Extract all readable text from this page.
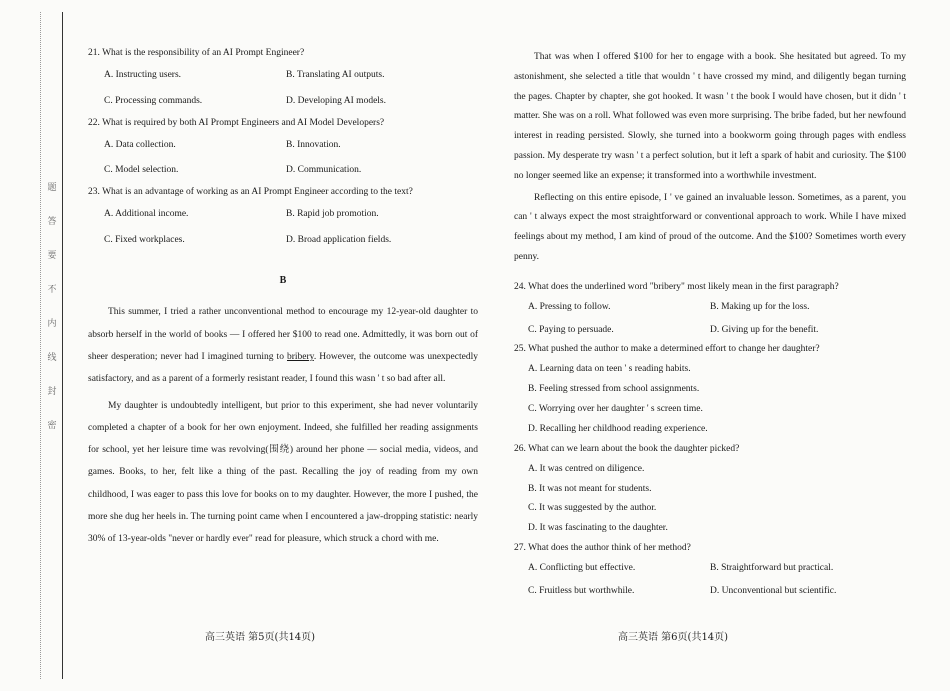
题
答
要
不
内
线
封
密

21. What is the responsibility of an AI Prompt Engineer?

A. Instructing users.	B. Translating AI outputs.
C. Processing commands.	D. Developing AI models.

22. What is required by both AI Prompt Engineers and AI Model Developers?

A. Data collection.	B. Innovation.
C. Model selection.	D. Communication.

23. What is an advantage of working as an AI Prompt Engineer according to the text?

A. Additional income.	B. Rapid job promotion.
C. Fixed workplaces.	D. Broad application fields.
B

This summer, I tried a rather unconventional method to encourage my 12-year-old daughter to absorb herself in the world of books — I offered her $100 to read one. Admittedly, it was born out of sheer desperation; never had I imagined turning to bribery. However, the outcome was unexpectedly satisfactory, and as a parent of a formerly resistant reader, I found this wasn ' t so bad after all.

My daughter is undoubtedly intelligent, but prior to this experiment, she had never voluntarily completed a chapter of a book for her own enjoyment. Indeed, she fulfilled her reading assignments for school, yet her leisure time was revolving(围绕) around her phone — social media, videos, and games. Books, to her, felt like a thing of the past. Recalling the joy of reading from my own childhood, I was eager to pass this love for books on to my daughter. However, the more I pushed, the more she dug her heels in. The turning point came when I encountered a jaw-dropping statistic: nearly 30% of 13-year-olds "never or hardly ever" read for pleasure, which struck a chord with me.

That was when I offered $100 for her to engage with a book. She hesitated but agreed. To my astonishment, she selected a title that wouldn ' t have crossed my mind, and diligently began turning the pages. Chapter by chapter, she got hooked. It wasn ' t the book I would have chosen, but it didn ' t matter. She was on a roll. What followed was even more surprising. The bribe faded, but her newfound interest in reading persisted. Slowly, she turned into a bookworm going through pages with endless passion. My desperate try wasn ' t a perfect solution, but it left a spark of habit and curiosity. The $100 no longer seemed like an expense; it transformed into a worthwhile investment.

Reflecting on this entire episode, I ' ve gained an invaluable lesson. Sometimes, as a parent, you can ' t always expect the most straightforward or conventional approach to work. While I have mixed feelings about my method, I am kind of proud of the outcome. And the $100? Sometimes worth every penny.

24. What does the underlined word "bribery" most likely mean in the first paragraph?

A. Pressing to follow.	B. Making up for the loss.
C. Paying to persuade.	D. Giving up for the benefit.

25. What pushed the author to make a determined effort to change her daughter?

A. Learning data on teen ' s reading habits.
B. Feeling stressed from school assignments.
C. Worrying over her daughter ' s screen time.
D. Recalling her childhood reading experience.

26. What can we learn about the book the daughter picked?

A. It was centred on diligence.
B. It was not meant for students.
C. It was suggested by the author.
D. It was fascinating to the daughter.

27. What does the author think of her method?

A. Conflicting but effective.	B. Straightforward but practical.
C. Fruitless but worthwhile.	D. Unconventional but scientific.
高三英语 第5页(共14页)	高三英语 第6页(共14页)
